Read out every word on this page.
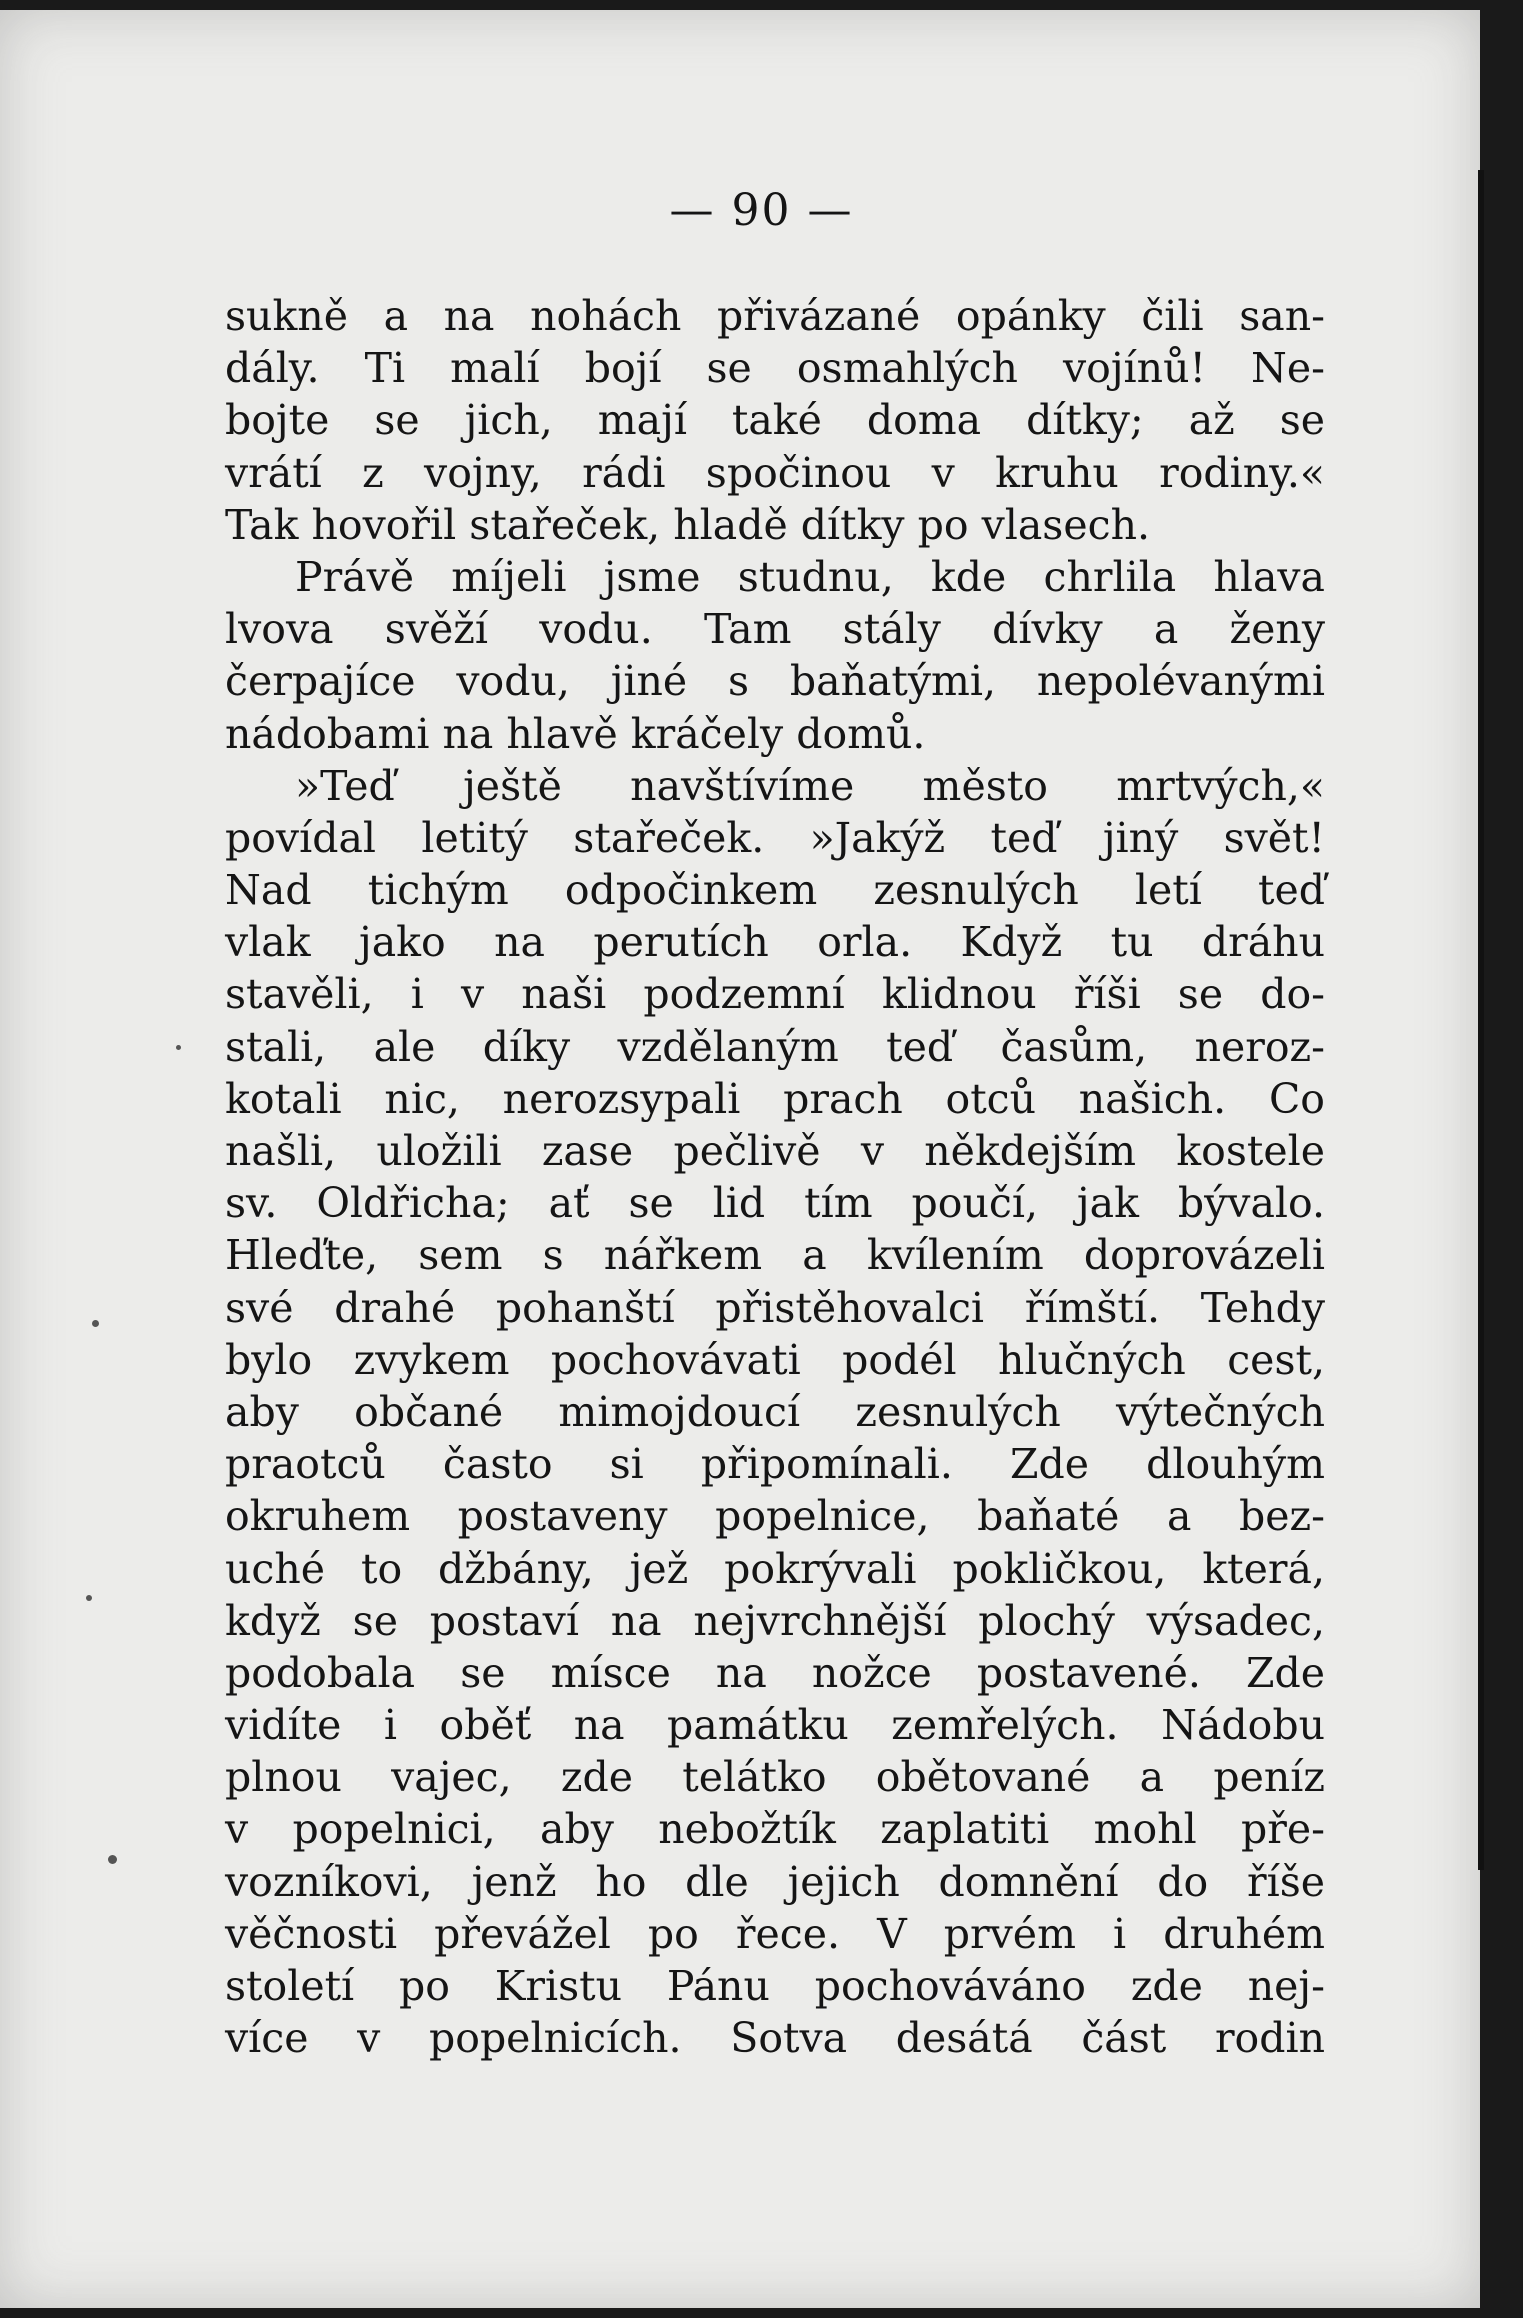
— 90 —
sukně a na nohách přivázané opánky čili san-
dály. Ti malí bojí se osmahlých vojínů! Ne-
bojte se jich, mají také doma dítky; až se
vrátí z vojny, rádi spočinou v kruhu rodiny.«
Tak hovořil stařeček, hladě dítky po vlasech.
Právě míjeli jsme studnu, kde chrlila hlava
lvova svěží vodu. Tam stály dívky a ženy
čerpajíce vodu, jiné s baňatými, nepolévanými
nádobami na hlavě kráčely domů.
»Teď ještě navštívíme město mrtvých,«
povídal letitý stařeček. »Jakýž teď jiný svět!
Nad tichým odpočinkem zesnulých letí teď
vlak jako na perutích orla. Když tu dráhu
stavěli, i v naši podzemní klidnou říši se do-
stali, ale díky vzdělaným teď časům, neroz-
kotali nic, nerozsypali prach otců našich. Co
našli, uložili zase pečlivě v někdejším kostele
sv. Oldřicha; ať se lid tím poučí, jak bývalo.
Hleďte, sem s nářkem a kvílením doprovázeli
své drahé pohanští přistěhovalci římští. Tehdy
bylo zvykem pochovávati podél hlučných cest,
aby občané mimojdoucí zesnulých výtečných
praotců často si připomínali. Zde dlouhým
okruhem postaveny popelnice, baňaté a bez-
uché to džbány, jež pokrývali pokličkou, která,
když se postaví na nejvrchnější plochý výsadec,
podobala se mísce na nožce postavené. Zde
vidíte i oběť na památku zemřelých. Nádobu
plnou vajec, zde telátko obětované a peníz
v popelnici, aby nebožtík zaplatiti mohl pře-
vozníkovi, jenž ho dle jejich domnění do říše
věčnosti převážel po řece. V prvém i druhém
století po Kristu Pánu pochováváno zde nej-
více v popelnicích. Sotva desátá část rodin
